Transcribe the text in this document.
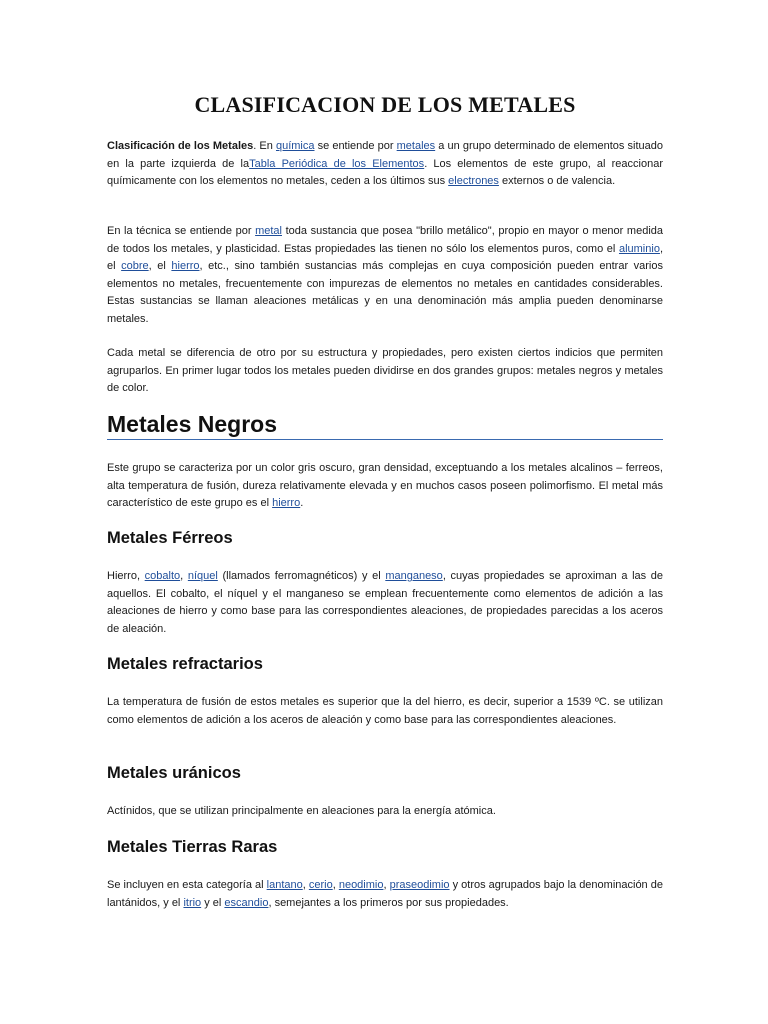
CLASIFICACION DE LOS METALES

Clasificación de los Metales. En química se entiende por metales a un grupo determinado de elementos situado en la parte izquierda de laTabla Periódica de los Elementos. Los elementos de este grupo, al reaccionar químicamente con los elementos no metales, ceden a los últimos sus electrones externos o de valencia.

En la técnica se entiende por metal toda sustancia que posea "brillo metálico", propio en mayor o menor medida de todos los metales, y plasticidad. Estas propiedades las tienen no sólo los elementos puros, como el aluminio, el cobre, el hierro, etc., sino también sustancias más complejas en cuya composición pueden entrar varios elementos no metales, frecuentemente con impurezas de elementos no metales en cantidades considerables. Estas sustancias se llaman aleaciones metálicas y en una denominación más amplia pueden denominarse metales.

Cada metal se diferencia de otro por su estructura y propiedades, pero existen ciertos indicios que permiten agruparlos. En primer lugar todos los metales pueden dividirse en dos grandes grupos: metales negros y metales de color.

Metales Negros

Este grupo se caracteriza por un color gris oscuro, gran densidad, exceptuando a los metales alcalinos – ferreos, alta temperatura de fusión, dureza relativamente elevada y en muchos casos poseen polimorfismo. El metal más característico de este grupo es el hierro.

Metales Férreos

Hierro, cobalto, níquel (llamados ferromagnéticos) y el manganeso, cuyas propiedades se aproximan a las de aquellos. El cobalto, el níquel y el manganeso se emplean frecuentemente como elementos de adición a las aleaciones de hierro y como base para las correspondientes aleaciones, de propiedades parecidas a los aceros de aleación.

Metales refractarios

La temperatura de fusión de estos metales es superior que la del hierro, es decir, superior a 1539 ºC. se utilizan como elementos de adición a los aceros de aleación y como base para las correspondientes aleaciones.

Metales uránicos

Actínidos, que se utilizan principalmente en aleaciones para la energía atómica.

Metales Tierras Raras

Se incluyen en esta categoría al lantano, cerio, neodimio, praseodimio y otros agrupados bajo la denominación de lantánidos, y el itrio y el escandio, semejantes a los primeros por sus propiedades.
